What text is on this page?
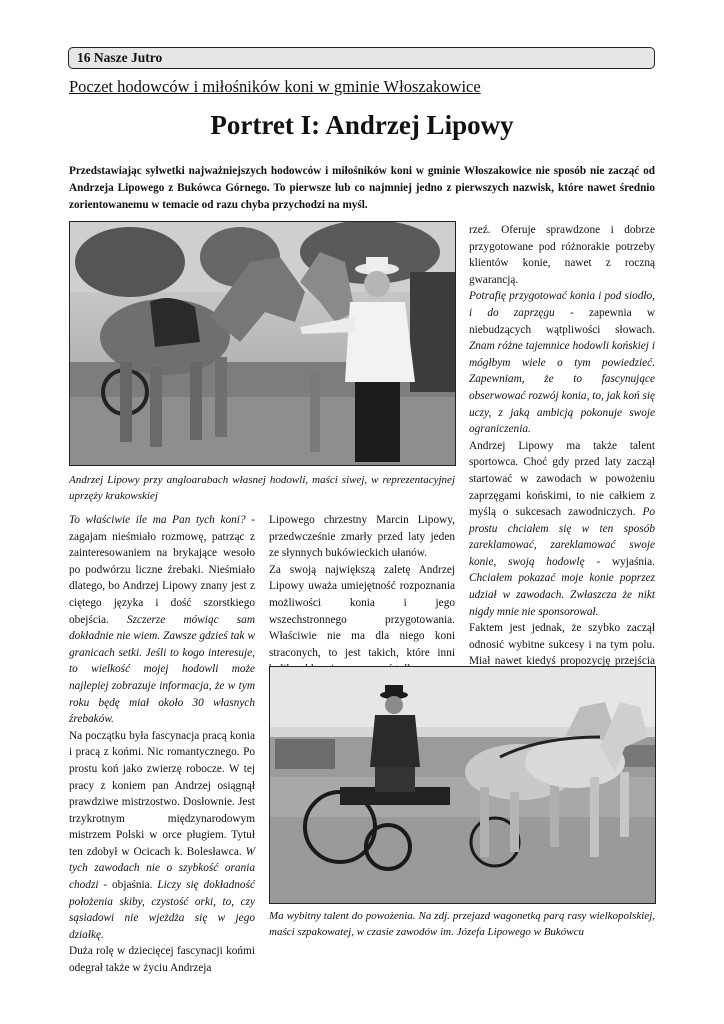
16 Nasze Jutro
Poczet hodowców i miłośników koni w gminie Włoszakowice
Portret I: Andrzej Lipowy

Przedstawiając sylwetki najważniejszych hodowców i miłośników koni w gminie Włoszakowice nie sposób nie zacząć od Andrzeja Lipowego z Bukówca Górnego. To pierwsze lub co najmniej jedno z pierwszych nazwisk, które nawet średnio zorientowanemu w temacie od razu chyba przychodzi na myśl.

Andrzej Lipowy przy angloarabach własnej hodowli, maści siwej, w reprezentacyjnej uprzęży krakowskiej

To właściwie ile ma Pan tych koni? - zagajam nieśmiało rozmowę, patrząc z zainteresowaniem na brykające wesoło po podwórzu liczne źrebaki. Nieśmiało dlatego, bo Andrzej Lipowy znany jest z ciętego języka i dość szorstkiego obejścia. Szczerze mówiąc sam dokładnie nie wiem. Zawsze gdzieś tak w granicach setki. Jeśli to kogo interesuje, to wielkość mojej hodowli może najlepiej zobrazuje informacja, że w tym roku będę miał około 30 własnych źrebaków.

Na początku była fascynacja pracą konia i pracą z końmi. Nic romantycznego. Po prostu koń jako zwierzę robocze. W tej pracy z koniem pan Andrzej osiągnął prawdziwe mistrzostwo. Dosłownie. Jest trzykrotnym międzynarodowym mistrzem Polski w orce pługiem. Tytuł ten zdobył w Ocicach k. Bolesławca. W tych zawodach nie o szybkość orania chodzi - objaśnia. Liczy się dokładność położenia skiby, czystość orki, to, czy sąsiadowi nie wjeżdża się w jego działkę.

Duża rolę w dziecięcej fascynacji końmi odegrał także w życiu Andrzeja

Lipowego chrzestny Marcin Lipowy, przedwcześnie zmarły przed laty jeden ze słynnych bukówieckich ułanów.

Za swoją największą zaletę Andrzej Lipowy uważa umiejętność rozpoznania możliwości konia i jego wszechstronnego przygotowania. Właściwie nie ma dla niego koni straconych, to jest takich, które inni

rzeź. Oferuje sprawdzone i dobrze przygotowane pod różnorakie potrzeby klientów konie, nawet z roczną gwarancją.

Potrafię przygotować konia i pod siodło, i do zaprzęgu - zapewnia w niebudzących wątpliwości słowach. Znam różne tajemnice hodowli końskiej i mógłbym wiele o tym powiedzieć. Zapewniam, że to fascynujące obserwować rozwój konia, to, jak koń się uczy, z jaką ambicją pokonuje swoje ograniczenia.

Andrzej Lipowy ma także talent sportowca. Choć gdy przed laty zaczął startować w zawodach w powożeniu zaprzęgami końskimi, to nie całkiem z myślą o sukcesach zawodniczych. Po prostu chciałem się w ten sposób zareklamować, zareklamować swoje konie, swoją hodowlę - wyjaśnia. Chciałem pokazać moje konie poprzez udział w zawodach. Zwłaszcza że nikt nigdy mnie nie sponsorował.

Faktem jest jednak, że szybko zaczął odnosić wybitne sukcesy i na tym polu. Miał nawet kiedyś propozycję przejścia

Ma wybitny talent do powożenia. Na zdj. przejazd wagonetką parą rasy wielkopolskiej, maści szpakowatej, w czasie zawodów im. Józefa Lipowego w Bukówcu
